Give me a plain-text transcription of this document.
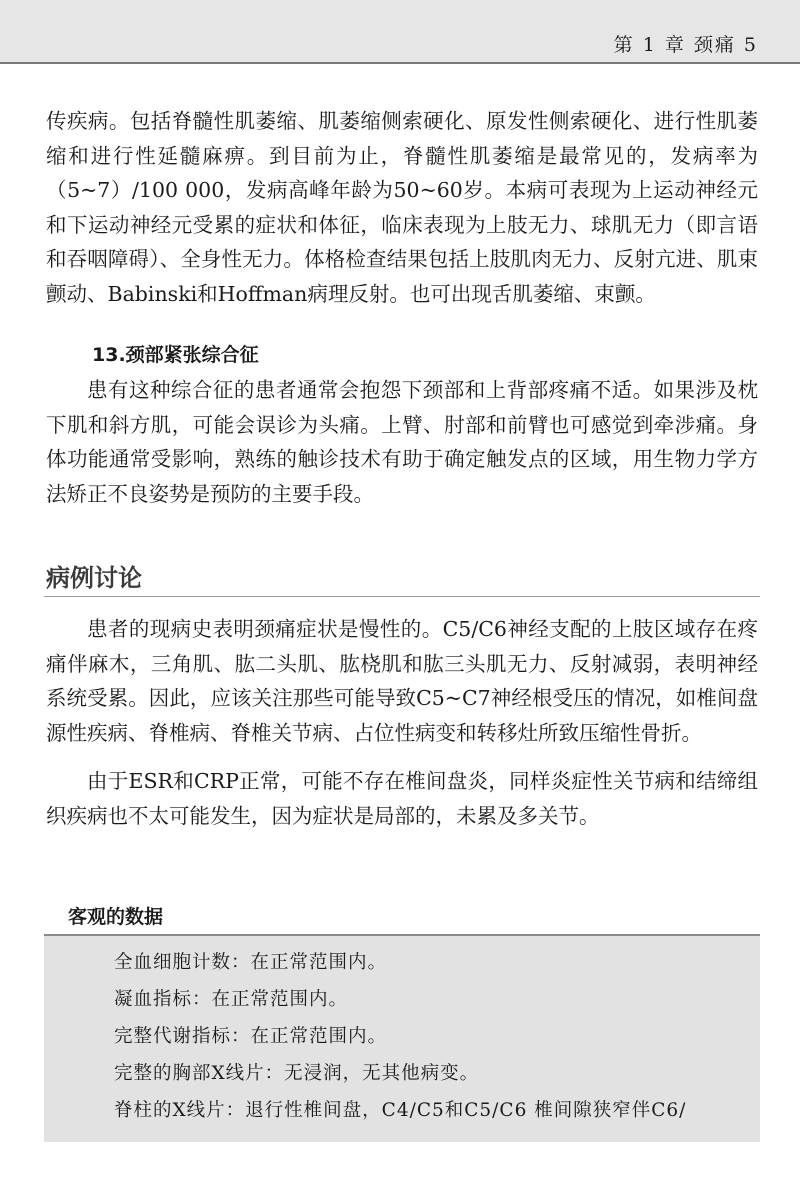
第 1 章 颈痛 5

传疾病。包括脊髓性肌萎缩、肌萎缩侧索硬化、原发性侧索硬化、进行性肌萎缩和进行性延髓麻痹。到目前为止，脊髓性肌萎缩是最常见的，发病率为（5~7）/100 000，发病高峰年龄为50~60岁。本病可表现为上运动神经元和下运动神经元受累的症状和体征，临床表现为上肢无力、球肌无力（即言语和吞咽障碍）、全身性无力。体格检查结果包括上肢肌肉无力、反射亢进、肌束颤动、Babinski和Hoffman病理反射。也可出现舌肌萎缩、束颤。

13.颈部紧张综合征

患有这种综合征的患者通常会抱怨下颈部和上背部疼痛不适。如果涉及枕下肌和斜方肌，可能会误诊为头痛。上臂、肘部和前臂也可感觉到牵涉痛。身体功能通常受影响，熟练的触诊技术有助于确定触发点的区域，用生物力学方法矫正不良姿势是预防的主要手段。

病例讨论

患者的现病史表明颈痛症状是慢性的。C5/C6神经支配的上肢区域存在疼痛伴麻木，三角肌、肱二头肌、肱桡肌和肱三头肌无力、反射减弱，表明神经系统受累。因此，应该关注那些可能导致C5~C7神经根受压的情况，如椎间盘源性疾病、脊椎病、脊椎关节病、占位性病变和转移灶所致压缩性骨折。

由于ESR和CRP正常，可能不存在椎间盘炎，同样炎症性关节病和结缔组织疾病也不太可能发生，因为症状是局部的，未累及多关节。

客观的数据
全血细胞计数：在正常范围内。
凝血指标：在正常范围内。
完整代谢指标：在正常范围内。
完整的胸部X线片：无浸润，无其他病变。
脊柱的X线片：退行性椎间盘，C4/C5和C5/C6 椎间隙狭窄伴C6/
